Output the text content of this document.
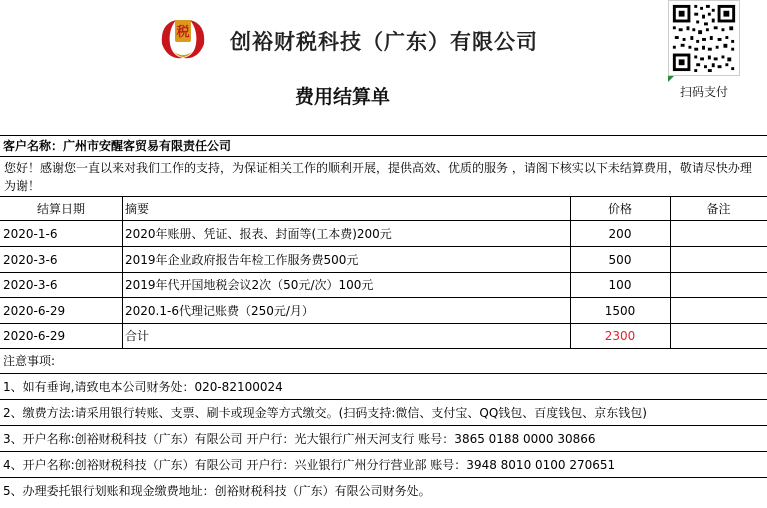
税
CY 创裕财税科技（广东）有限公司
费用结算单	扫码支付
客户名称：广州市安醒客贸易有限责任公司
您好！感谢您一直以来对我们工作的支持，为保证相关工作的顺利开展，提供高效、优质的服务 ，请阁下核实以下未结算费用，敬请尽快办理为谢！
结算日期	摘要	价格	备注
2020-1-6	2020年账册、凭证、报表、封面等(工本费)200元	200
2020-3-6	2019年企业政府报告年检工作服务费500元	500
2020-3-6	2019年代开国地税会议2次（50元/次）100元	100
2020-6-29	2020.1-6代理记账费（250元/月）	1500
2020-6-29	合计	2300
注意事项:
1、如有垂询,请致电本公司财务处：020-82100024
2、缴费方法:请采用银行转账、支票、刷卡或现金等方式缴交。(扫码支持:微信、支付宝、QQ钱包、百度钱包、京东钱包)
3、开户名称:创裕财税科技（广东）有限公司 开户行：光大银行广州天河支行 账号：3865 0188 0000 30866
4、开户名称:创裕财税科技（广东）有限公司 开户行：兴业银行广州分行营业部 账号：3948 8010 0100 270651
5、办理委托银行划账和现金缴费地址：创裕财税科技（广东）有限公司财务处。
